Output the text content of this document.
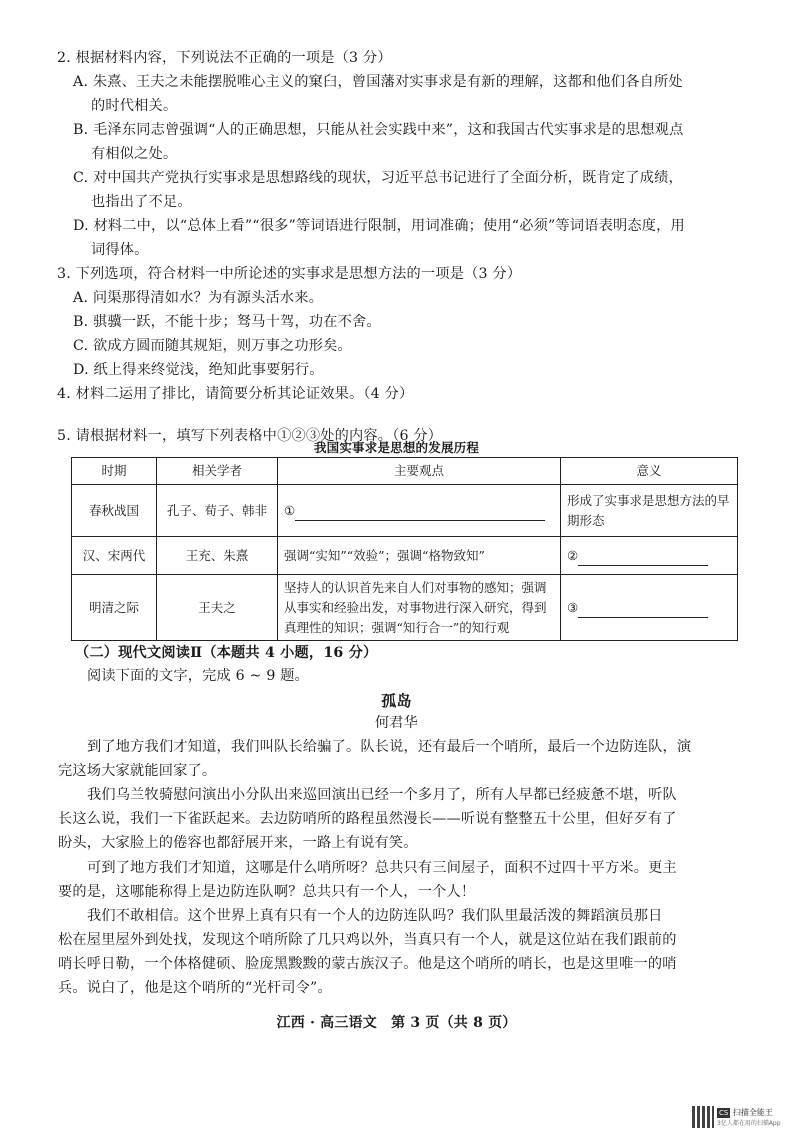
2. 根据材料内容，下列说法不正确的一项是（3 分）
A. 朱熹、王夫之未能摆脱唯心主义的窠臼，曾国藩对实事求是有新的理解，这都和他们各自所处
的时代相关。
B. 毛泽东同志曾强调“人的正确思想，只能从社会实践中来”，这和我国古代实事求是的思想观点
有相似之处。
C. 对中国共产党执行实事求是思想路线的现状，习近平总书记进行了全面分析，既肯定了成绩，
也指出了不足。
D. 材料二中，以“总体上看”“很多”等词语进行限制，用词准确；使用“必须”等词语表明态度，用
词得体。
3. 下列选项，符合材料一中所论述的实事求是思想方法的一项是（3 分）
A. 问渠那得清如水？为有源头活水来。
B. 骐骥一跃，不能十步；驽马十驾，功在不舍。
C. 欲成方圆而随其规矩，则万事之功形矣。
D. 纸上得来终觉浅，绝知此事要躬行。
4. 材料二运用了排比，请简要分析其论证效果。（4 分）
5. 请根据材料一，填写下列表格中①②③处的内容。（6 分）
我国实事求是思想的发展历程
时期	相关学者	主要观点	意义
春秋战国	孔子、荀子、韩非	①	形成了实事求是思想方法的早期形态
汉、宋两代	王充、朱熹	强调“实知”“效验”；强调“格物致知”	②
明清之际	王夫之	坚持人的认识首先来自人们对事物的感知；强调从事实和经验出发，对事物进行深入研究，得到真理性的知识；强调“知行合一”的知行观	③
（二）现代文阅读Ⅱ（本题共 4 小题，16 分）
阅读下面的文字，完成 6 ~ 9 题。
孤岛
何君华
到了地方我们才知道，我们叫队长给骗了。队长说，还有最后一个哨所，最后一个边防连队，演
完这场大家就能回家了。
我们乌兰牧骑慰问演出小分队出来巡回演出已经一个多月了，所有人早都已经疲惫不堪，听队
长这么说，我们一下雀跃起来。去边防哨所的路程虽然漫长——听说有整整五十公里，但好歹有了
盼头，大家脸上的倦容也都舒展开来，一路上有说有笑。
可到了地方我们才知道，这哪是什么哨所呀？总共只有三间屋子，面积不过四十平方米。更主
要的是，这哪能称得上是边防连队啊？总共只有一个人，一个人！
我们不敢相信。这个世界上真有只有一个人的边防连队吗？我们队里最活泼的舞蹈演员那日
松在屋里屋外到处找，发现这个哨所除了几只鸡以外，当真只有一个人，就是这位站在我们跟前的
哨长呼日勒，一个体格健硕、脸庞黑黢黢的蒙古族汉子。他是这个哨所的哨长，也是这里唯一的哨
兵。说白了，他是这个哨所的“光杆司令”。
江西 · 高三语文　第 3 页（共 8 页）
CS 扫描全能王
3亿人都在用的扫描App
